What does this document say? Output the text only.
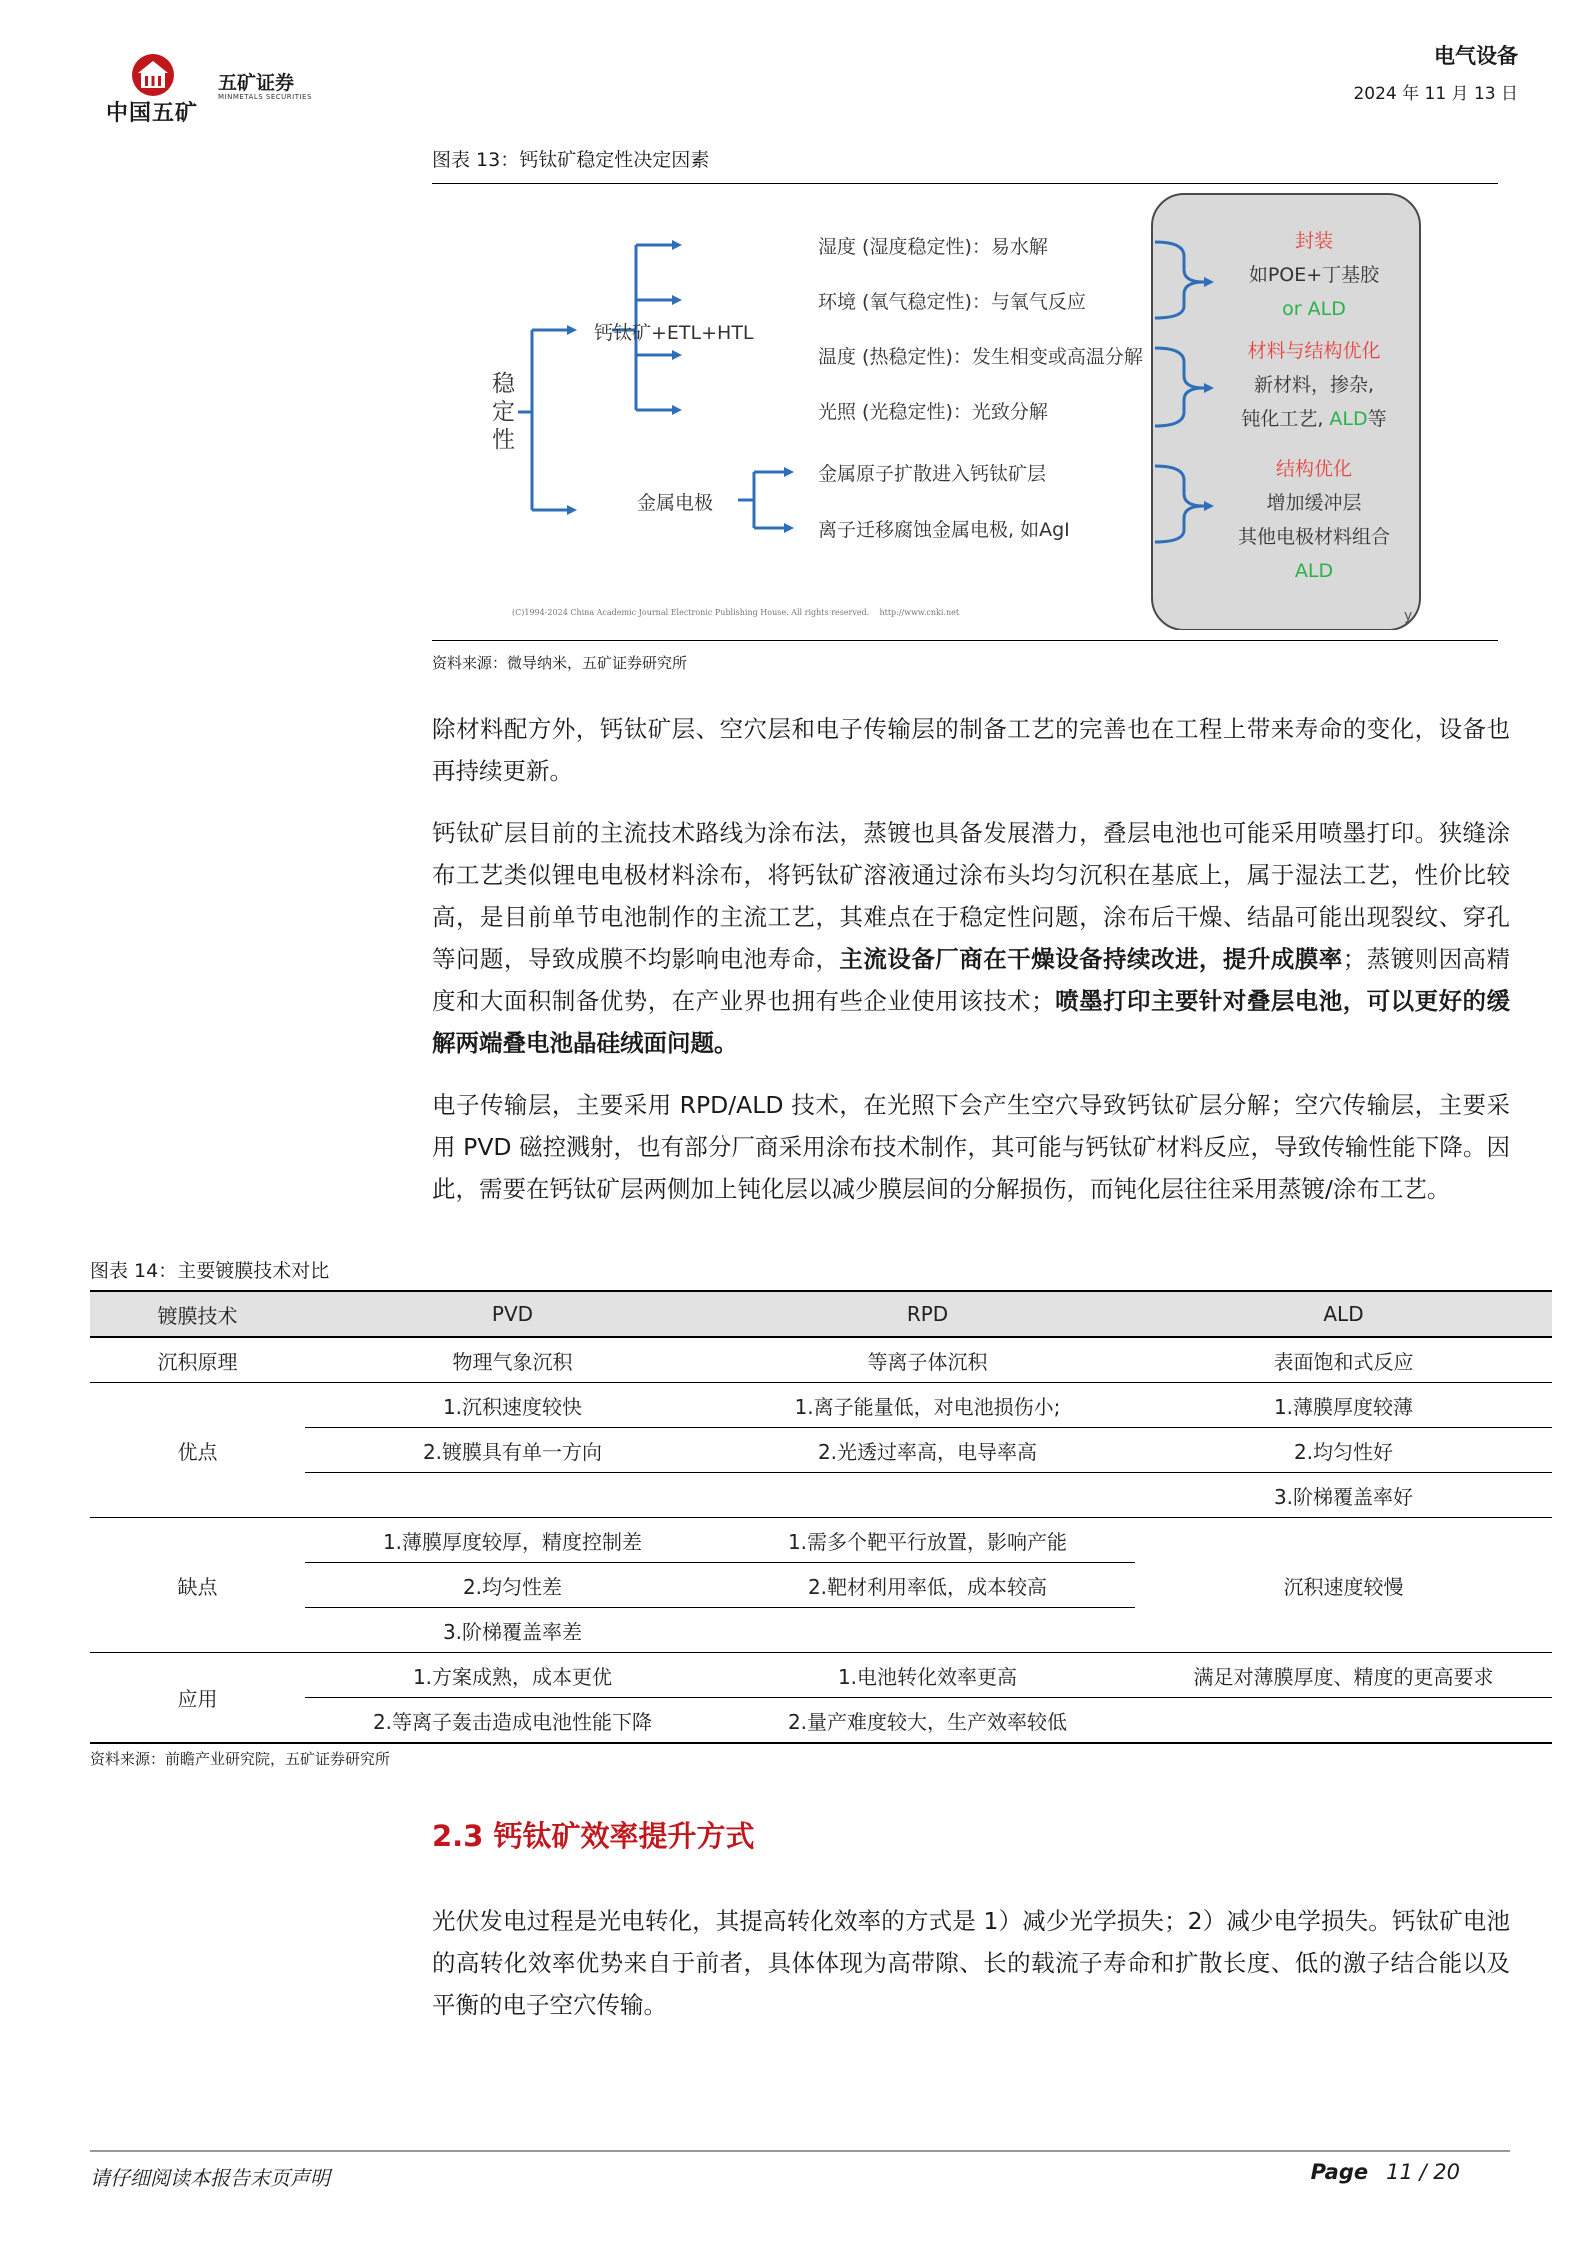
中国五矿
五矿证券
MINMETALS SECURITIES
电气设备
2024 年 11 月 13 日
图表 13：钙钛矿稳定性决定因素
稳定性
钙钛矿+ETL+HTL
金属电极
湿度 (湿度稳定性)：易水解
环境 (氧气稳定性)：与氧气反应
温度 (热稳定性)：发生相变或高温分解
光照 (光稳定性)：光致分解
金属原子扩散进入钙钛矿层
离子迁移腐蚀金属电极, 如AgI
封装
如POE+丁基胶
or ALD
材料与结构优化
新材料，掺杂,
钝化工艺, ALD等
结构优化
增加缓冲层
其他电极材料组合
ALD
(C)1994-2024 China Academic Journal Electronic Publishing House. All rights reserved.    http://www.cnki.net	y
资料来源：微导纳米，五矿证券研究所
除材料配方外，钙钛矿层、空穴层和电子传输层的制备工艺的完善也在工程上带来寿命的变化，设备也再持续更新。
钙钛矿层目前的主流技术路线为涂布法，蒸镀也具备发展潜力，叠层电池也可能采用喷墨打印。狭缝涂布工艺类似锂电电极材料涂布，将钙钛矿溶液通过涂布头均匀沉积在基底上，属于湿法工艺，性价比较高，是目前单节电池制作的主流工艺，其难点在于稳定性问题，涂布后干燥、结晶可能出现裂纹、穿孔等问题，导致成膜不均影响电池寿命，主流设备厂商在干燥设备持续改进，提升成膜率；蒸镀则因高精度和大面积制备优势，在产业界也拥有些企业使用该技术；喷墨打印主要针对叠层电池，可以更好的缓解两端叠电池晶硅绒面问题。
电子传输层，主要采用 RPD/ALD 技术，在光照下会产生空穴导致钙钛矿层分解；空穴传输层，主要采用 PVD 磁控溅射，也有部分厂商采用涂布技术制作，其可能与钙钛矿材料反应，导致传输性能下降。因此，需要在钙钛矿层两侧加上钝化层以减少膜层间的分解损伤，而钝化层往往采用蒸镀/涂布工艺。
图表 14：主要镀膜技术对比
镀膜技术	PVD	RPD	ALD
沉积原理	物理气象沉积	等离子体沉积	表面饱和式反应
优点	1.沉积速度较快	1.离子能量低，对电池损伤小;	1.薄膜厚度较薄
	2.镀膜具有单一方向	2.光透过率高，电导率高	2.均匀性好
			3.阶梯覆盖率好
缺点	1.薄膜厚度较厚，精度控制差	1.需多个靶平行放置，影响产能	沉积速度较慢
	2.均匀性差	2.靶材利用率低，成本较高	
	3.阶梯覆盖率差		
应用	1.方案成熟，成本更优	1.电池转化效率更高	满足对薄膜厚度、精度的更高要求
	2.等离子轰击造成电池性能下降	2.量产难度较大，生产效率较低	
资料来源：前瞻产业研究院，五矿证券研究所
2.3 钙钛矿效率提升方式
光伏发电过程是光电转化，其提高转化效率的方式是 1）减少光学损失；2）减少电学损失。钙钛矿电池的高转化效率优势来自于前者，具体体现为高带隙、长的载流子寿命和扩散长度、低的激子结合能以及平衡的电子空穴传输。
请仔细阅读本报告末页声明	Page 11 / 20
